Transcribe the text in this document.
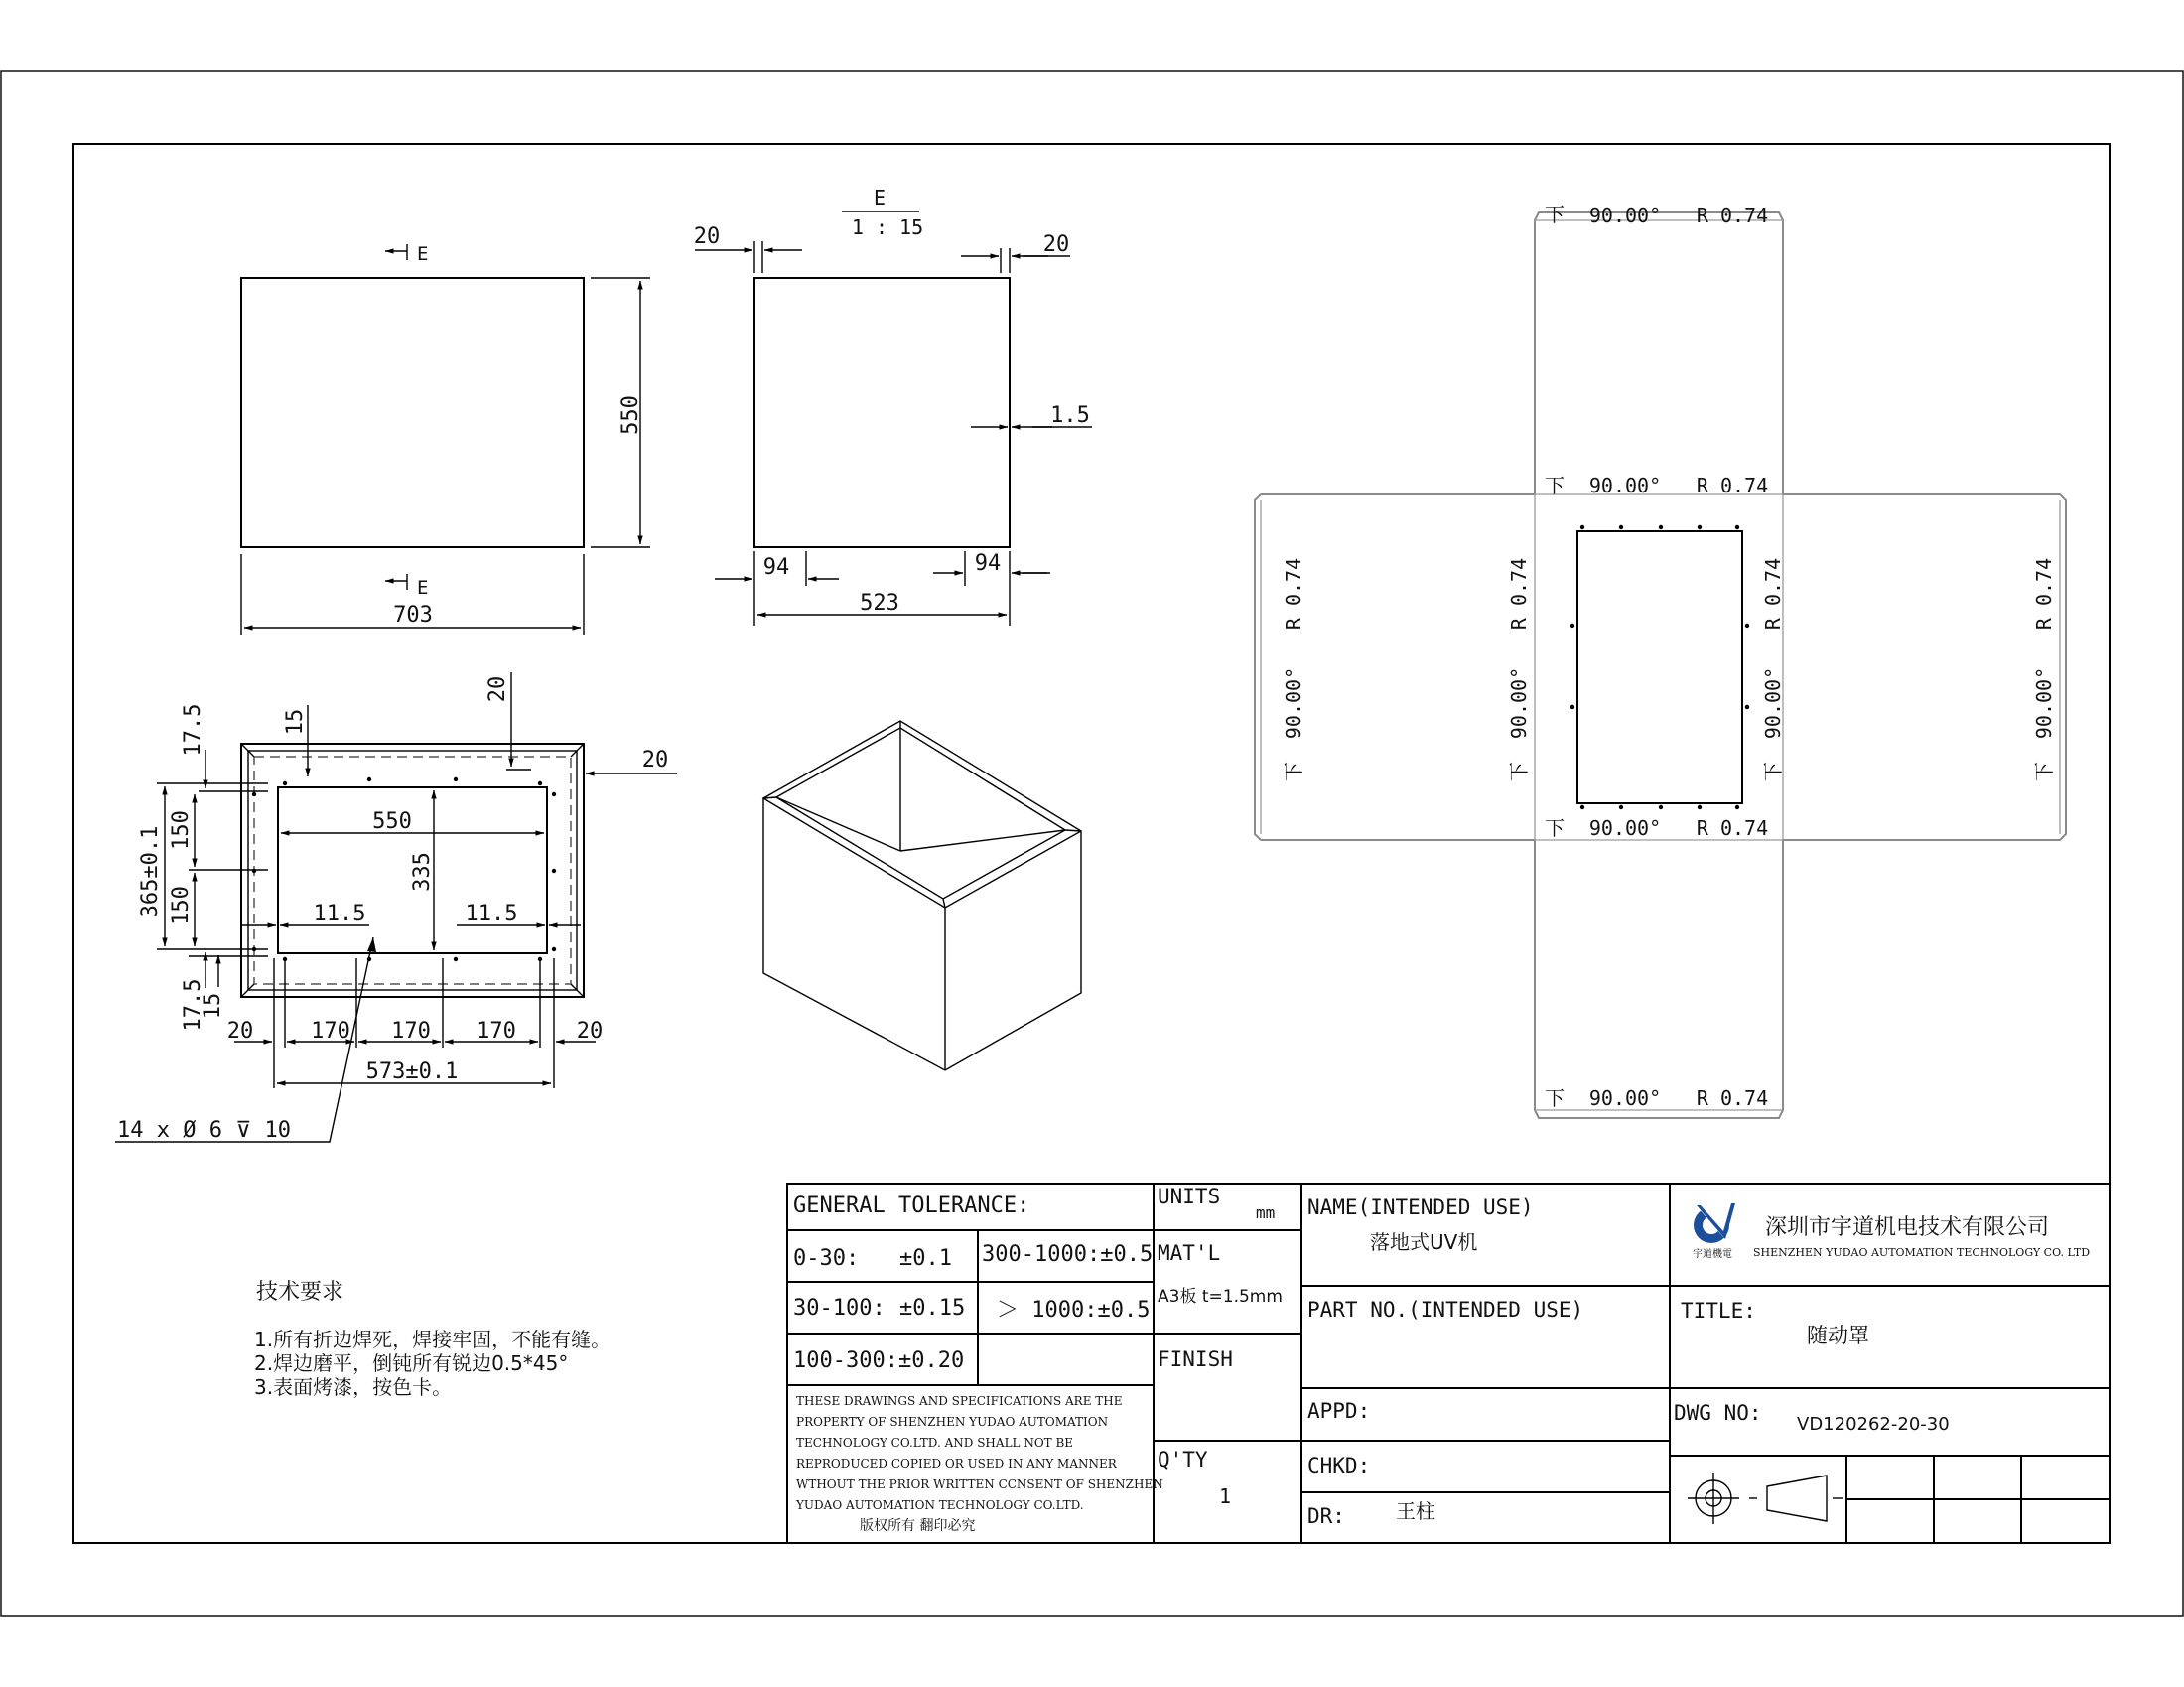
E
E
550
703
E
1 : 15
20	20
1.5
94	94
523
550
335
11.5	11.5
20
15
20
365±0.1 150
150
17.5
17.5
15
20	170 170 170	20
573±0.1
14 x Ø 6 ⊽ 10
下 90.00° R 0.74
下 90.00° R 0.74
下 90.00° R 0.74
下 90.00° R 0.74
R 0.74
90.00°
下
R 0.74
90.00°
下
R 0.74
90.00°
下
R 0.74
90.00°
下
技术要求
1.所有折边焊死，焊接牢固，不能有缝。
2.焊边磨平，倒钝所有锐边0.5*45°
3.表面烤漆，按色卡。
GENERAL TOLERANCE:
0-30: ±0.1 300-1000:±0.5
30-100: ±0.15 ＞ 1000:±0.5
100-300:±0.20
THESE DRAWINGS AND SPECIFICATIONS ARE THE
PROPERTY OF SHENZHEN YUDAO AUTOMATION
TECHNOLOGY CO.LTD. AND SHALL NOT BE
REPRODUCED COPIED OR USED IN ANY MANNER
WTHOUT THE PRIOR WRITTEN CCNSENT OF SHENZHEN
YUDAO AUTOMATION TECHNOLOGY CO.LTD.
版权所有 翻印必究
UNITS
mm
MAT'L
A3板 t=1.5mm
FINISH
Q'TY
1
NAME(INTENDED USE)
落地式UV机
PART NO.(INTENDED USE)
APPD:
CHKD:
DR:	王柱
宇道機電
深圳市宇道机电技术有限公司
SHENZHEN YUDAO AUTOMATION TECHNOLOGY CO. LTD
TITLE:
随动罩
DWG NO: VD120262-20-30
